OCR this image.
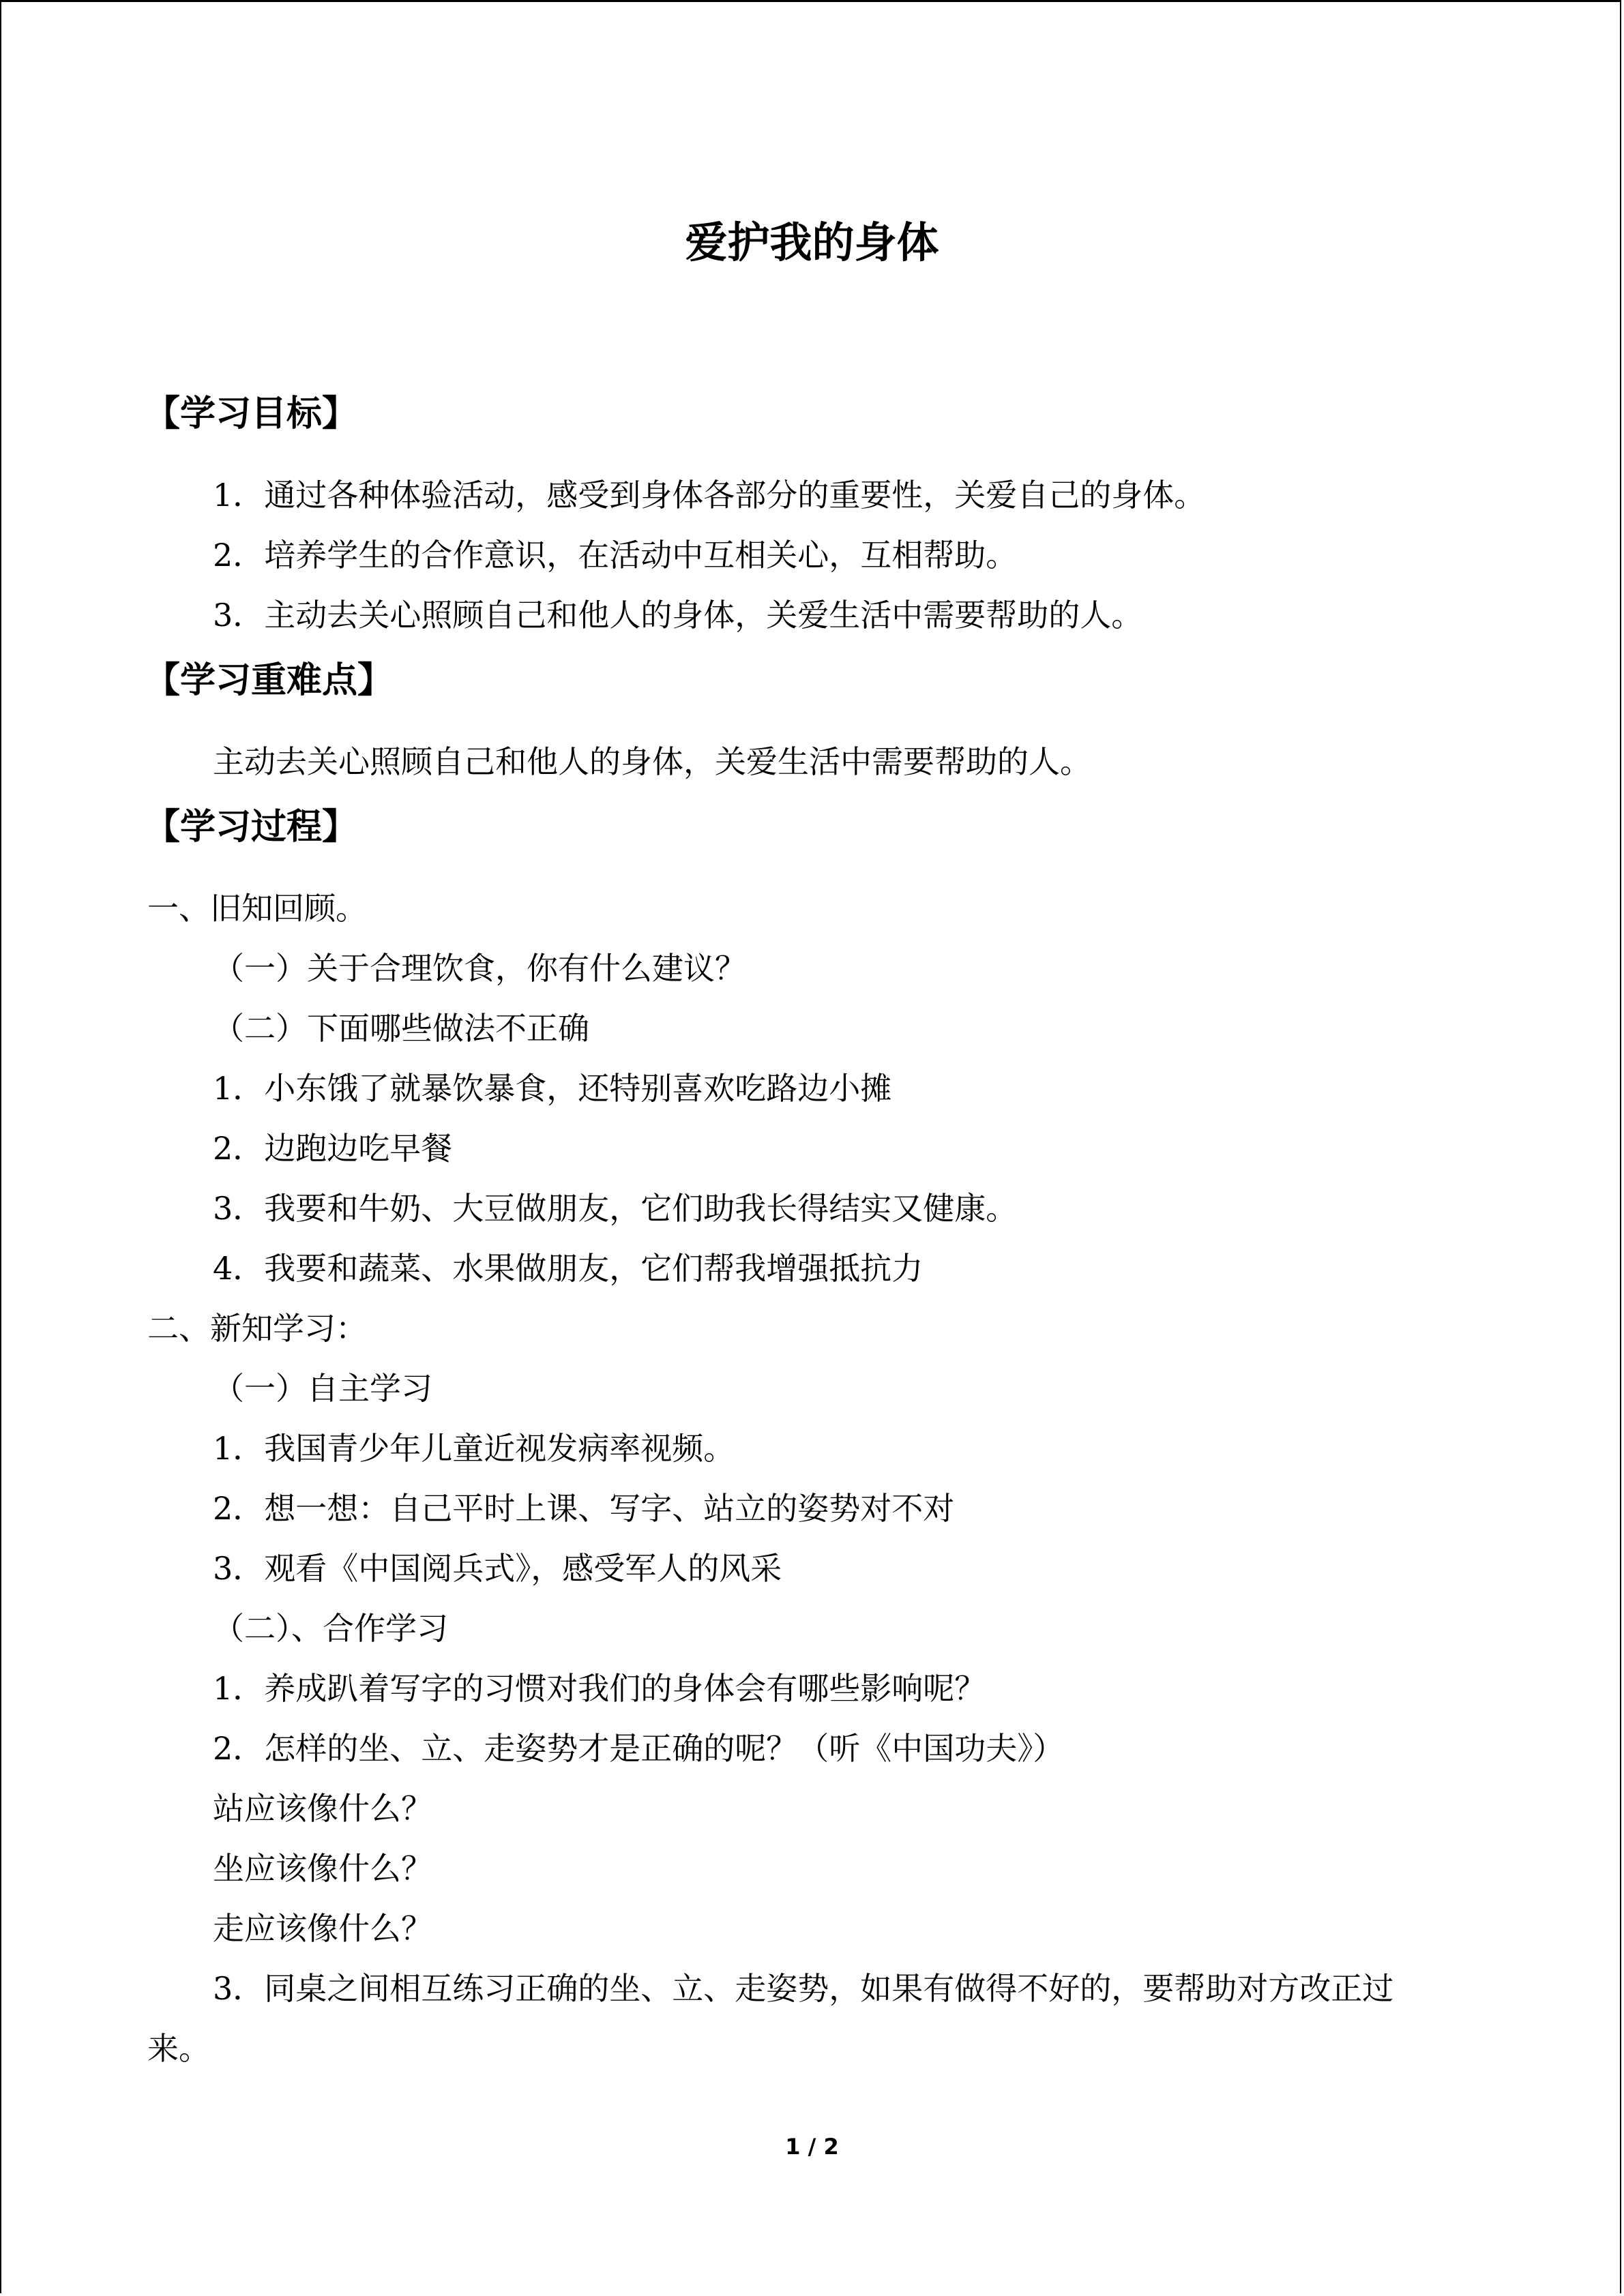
爱护我的身体
【学习目标】
1．通过各种体验活动，感受到身体各部分的重要性，关爱自己的身体。
2．培养学生的合作意识，在活动中互相关心，互相帮助。
3．主动去关心照顾自己和他人的身体，关爱生活中需要帮助的人。
【学习重难点】
主动去关心照顾自己和他人的身体，关爱生活中需要帮助的人。
【学习过程】
一、旧知回顾。
（一）关于合理饮食，你有什么建议？
（二）下面哪些做法不正确
1．小东饿了就暴饮暴食，还特别喜欢吃路边小摊
2．边跑边吃早餐
3．我要和牛奶、大豆做朋友，它们助我长得结实又健康。
4．我要和蔬菜、水果做朋友，它们帮我增强抵抗力
二、新知学习：
（一）自主学习
1．我国青少年儿童近视发病率视频。
2．想一想：自己平时上课、写字、站立的姿势对不对
3．观看《中国阅兵式》，感受军人的风采
（二）、合作学习
1．养成趴着写字的习惯对我们的身体会有哪些影响呢？
2．怎样的坐、立、走姿势才是正确的呢？（听《中国功夫》）
站应该像什么？
坐应该像什么？
走应该像什么？
3．同桌之间相互练习正确的坐、立、走姿势，如果有做得不好的，要帮助对方改正过
来。
1 / 2
